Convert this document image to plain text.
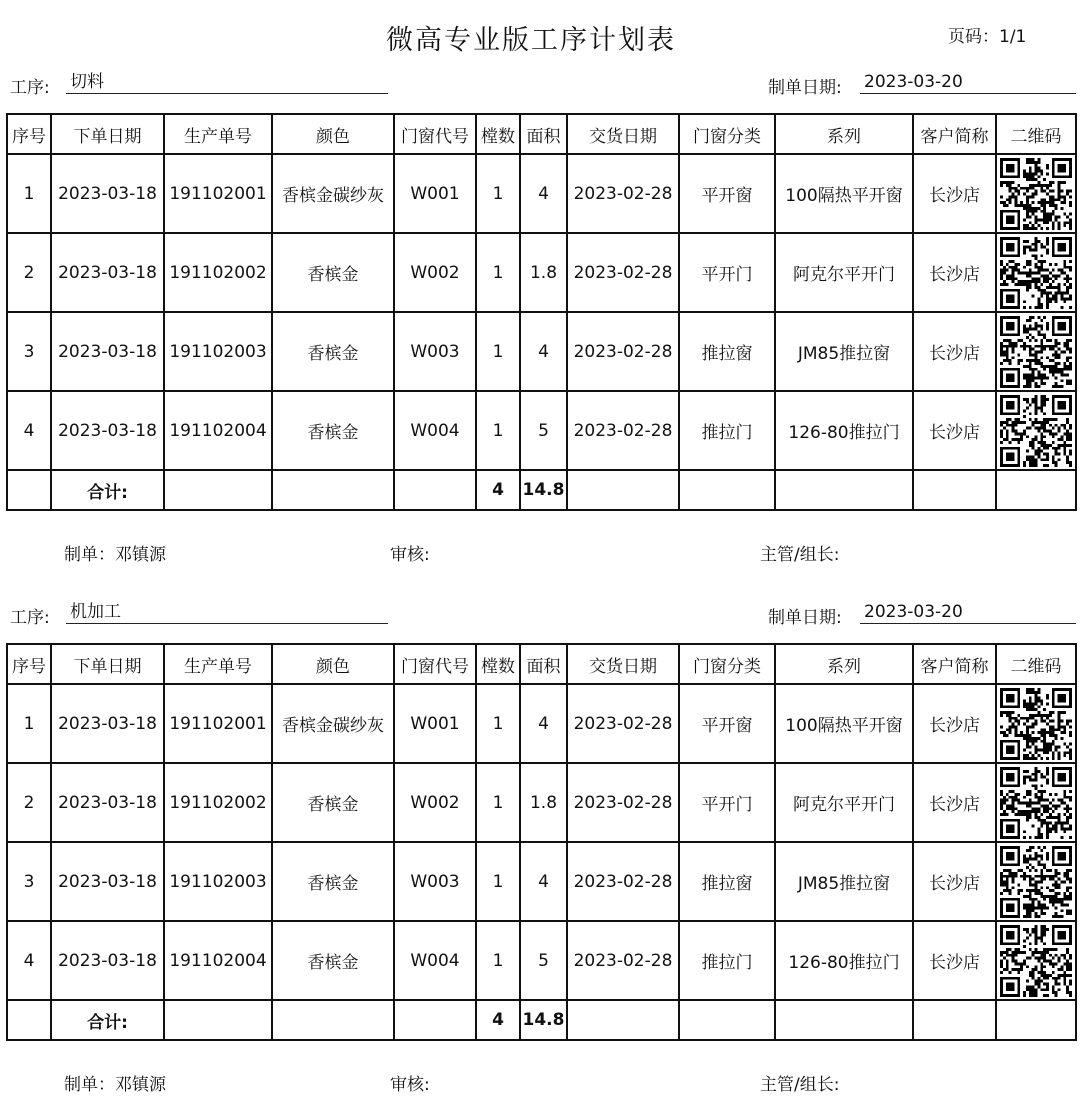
微高专业版工序计划表	页码：1/1
工序: 切料	制单日期: 2023-03-20
序号	下单日期	生产单号	颜色	门窗代号	樘数	面积	交货日期	门窗分类	系列	客户简称	二维码
1	2023-03-18	191102001	香槟金碳纱灰	W001	1	4	2023-02-28	平开窗	100隔热平开窗	长沙店	

2	2023-03-18	191102002	香槟金	W002	1	1.8	2023-02-28	平开门	阿克尔平开门	长沙店	

3	2023-03-18	191102003	香槟金	W003	1	4	2023-02-28	推拉窗	JM85推拉窗	长沙店	

4	2023-03-18	191102004	香槟金	W004	1	5	2023-02-28	推拉门	126-80推拉门	长沙店	

	合计:				4	14.8					
制单：邓镇源	审核:	主管/组长:
工序: 机加工	制单日期: 2023-03-20
序号	下单日期	生产单号	颜色	门窗代号	樘数	面积	交货日期	门窗分类	系列	客户简称	二维码
1	2023-03-18	191102001	香槟金碳纱灰	W001	1	4	2023-02-28	平开窗	100隔热平开窗	长沙店	

2	2023-03-18	191102002	香槟金	W002	1	1.8	2023-02-28	平开门	阿克尔平开门	长沙店	

3	2023-03-18	191102003	香槟金	W003	1	4	2023-02-28	推拉窗	JM85推拉窗	长沙店	

4	2023-03-18	191102004	香槟金	W004	1	5	2023-02-28	推拉门	126-80推拉门	长沙店	

	合计:				4	14.8					
制单：邓镇源	审核:	主管/组长:
